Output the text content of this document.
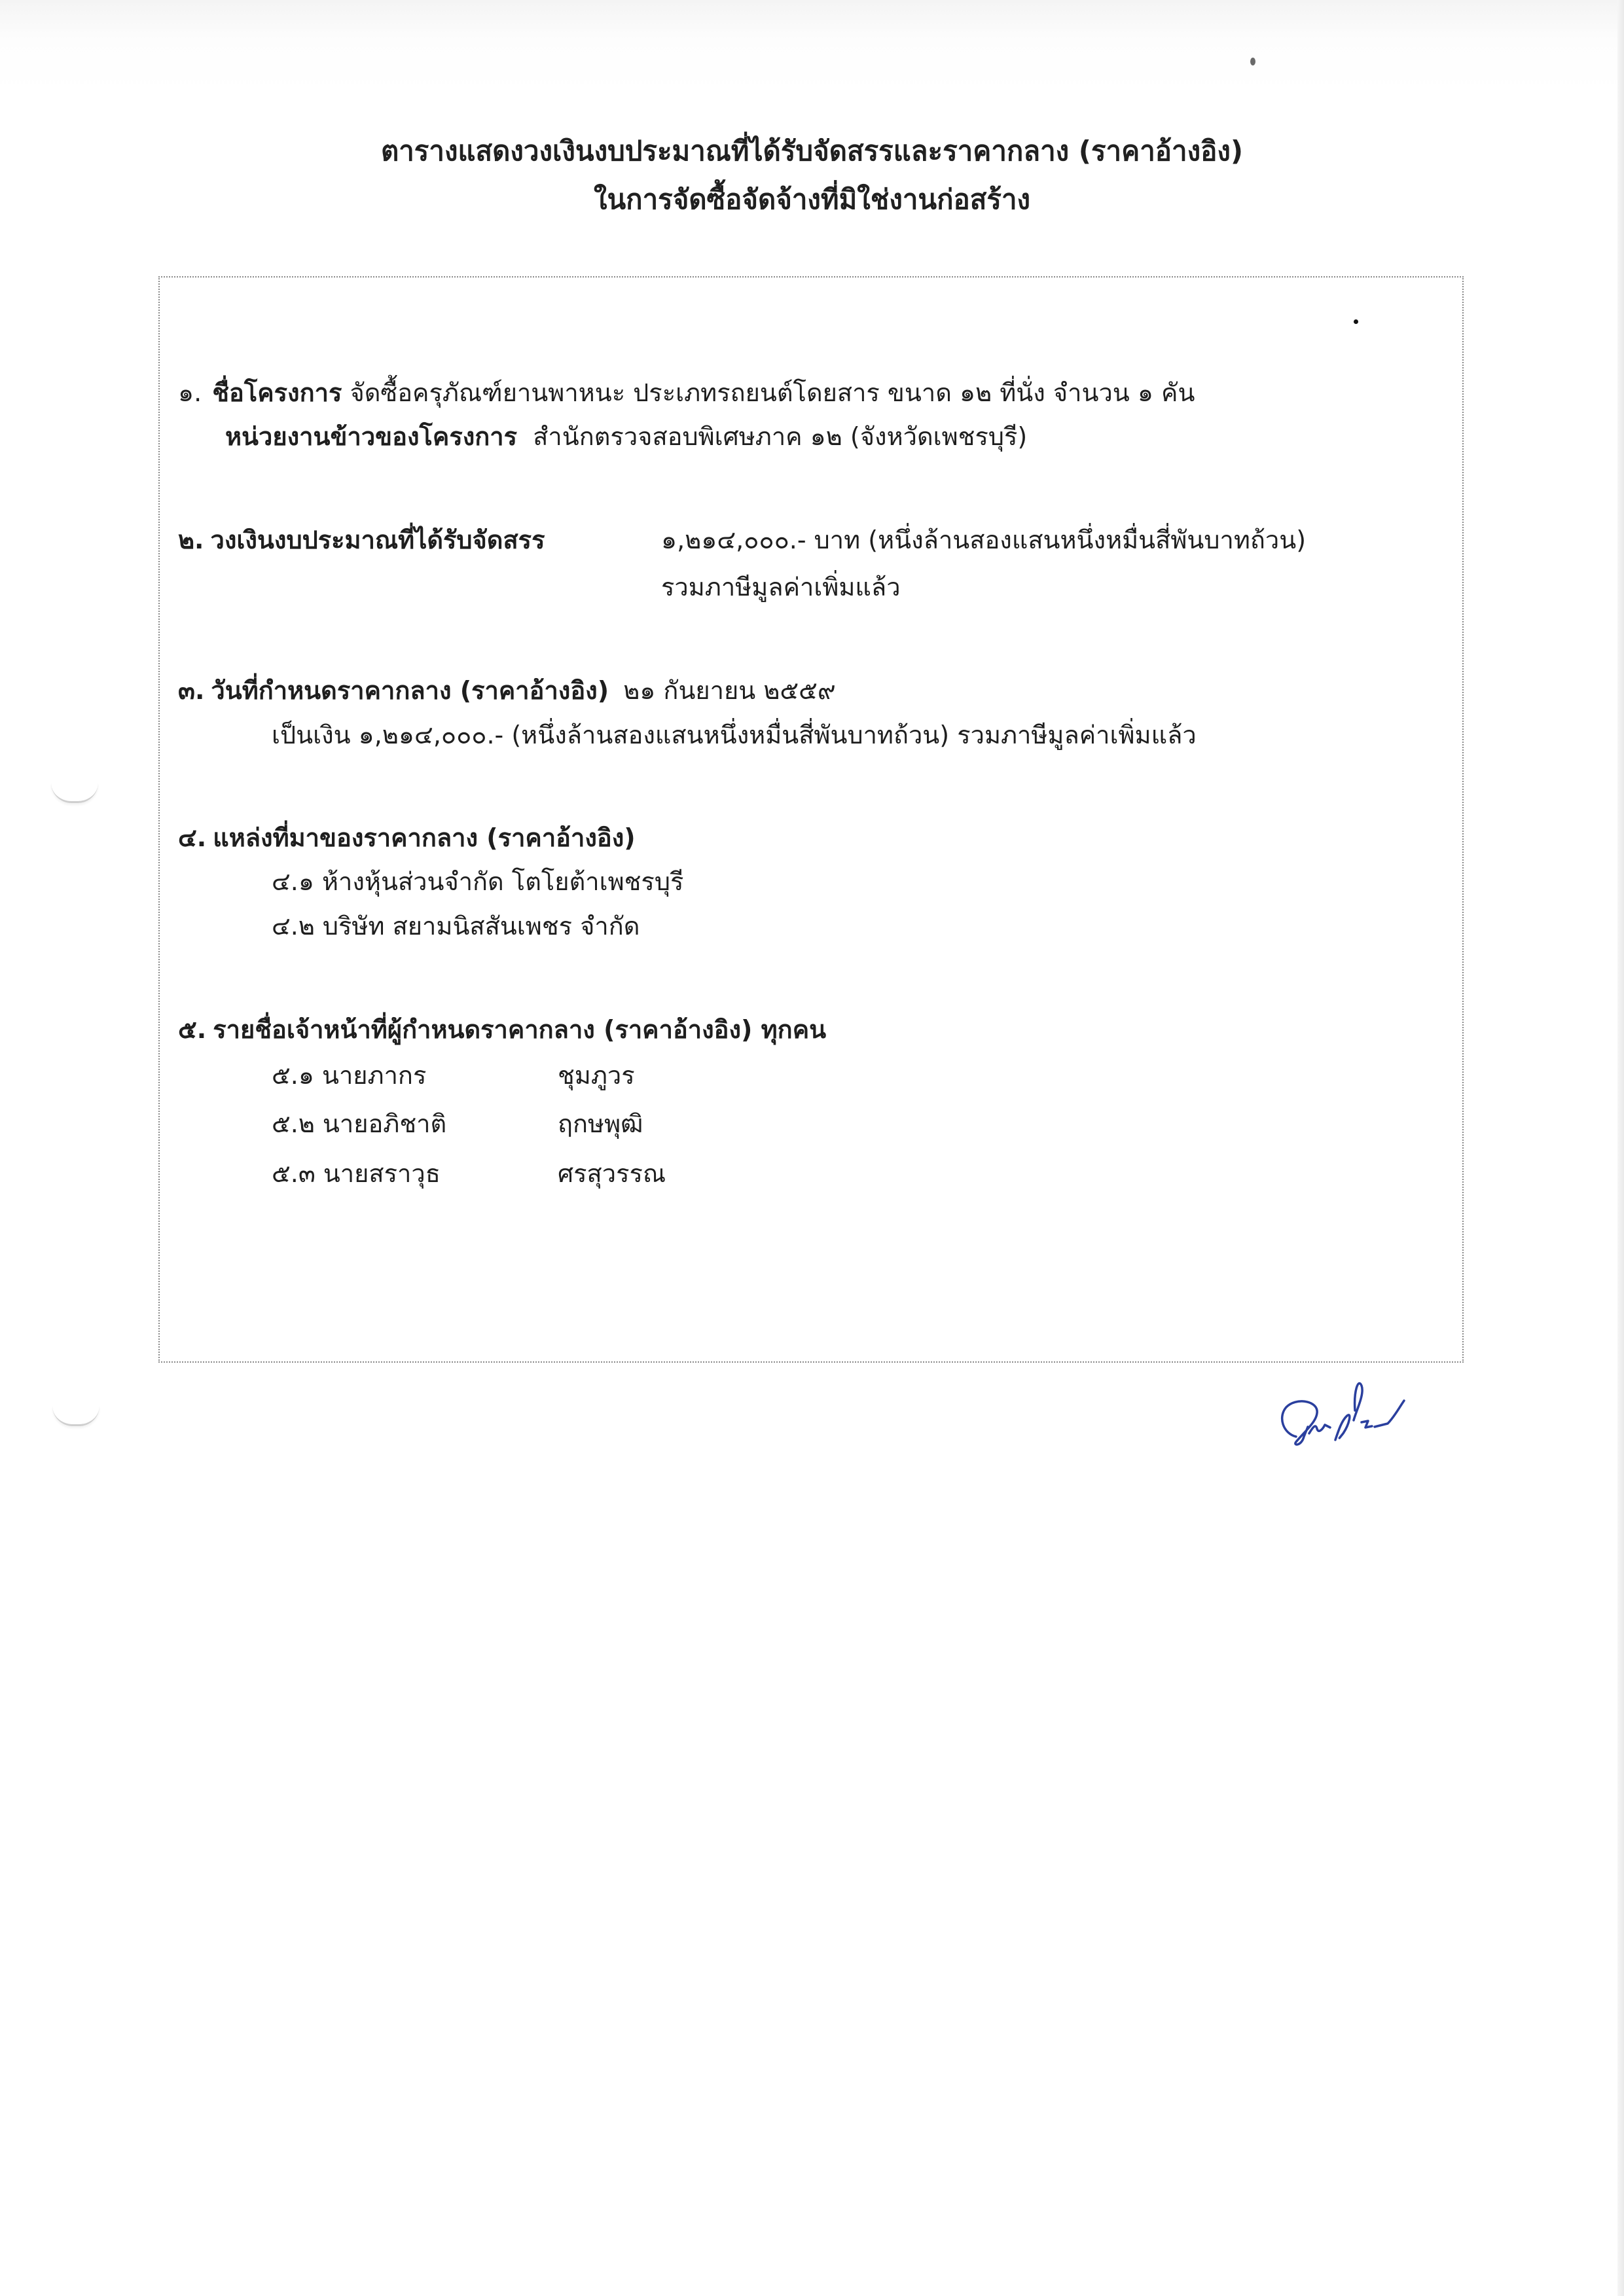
ตารางแสดงวงเงินงบประมาณที่ได้รับจัดสรรและราคากลาง (ราคาอ้างอิง)
ในการจัดซื้อจัดจ้างที่มิใช่งานก่อสร้าง
๑. ชื่อโครงการ จัดซื้อครุภัณฑ์ยานพาหนะ ประเภทรถยนต์โดยสาร ขนาด ๑๒ ที่นั่ง จำนวน ๑ คัน
หน่วยงานข้าวของโครงการ สำนักตรวจสอบพิเศษภาค ๑๒ (จังหวัดเพชรบุรี)
๒. วงเงินงบประมาณที่ได้รับจัดสรร	๑,๒๑๔,๐๐๐.- บาท (หนึ่งล้านสองแสนหนึ่งหมื่นสี่พันบาทถ้วน)
รวมภาษีมูลค่าเพิ่มแล้ว
๓. วันที่กำหนดราคากลาง (ราคาอ้างอิง) ๒๑ กันยายน ๒๕๕๙
เป็นเงิน ๑,๒๑๔,๐๐๐.- (หนึ่งล้านสองแสนหนึ่งหมื่นสี่พันบาทถ้วน) รวมภาษีมูลค่าเพิ่มแล้ว
๔. แหล่งที่มาของราคากลาง (ราคาอ้างอิง)
๔.๑ ห้างหุ้นส่วนจำกัด โตโยต้าเพชรบุรี
๔.๒ บริษัท สยามนิสสันเพชร จำกัด
๕. รายชื่อเจ้าหน้าที่ผู้กำหนดราคากลาง (ราคาอ้างอิง) ทุกคน
๕.๑ นายภากร	ชุมภูวร
๕.๒ นายอภิชาติ	ฤกษพุฒิ
๕.๓ นายสราวุธ	ศรสุวรรณ
